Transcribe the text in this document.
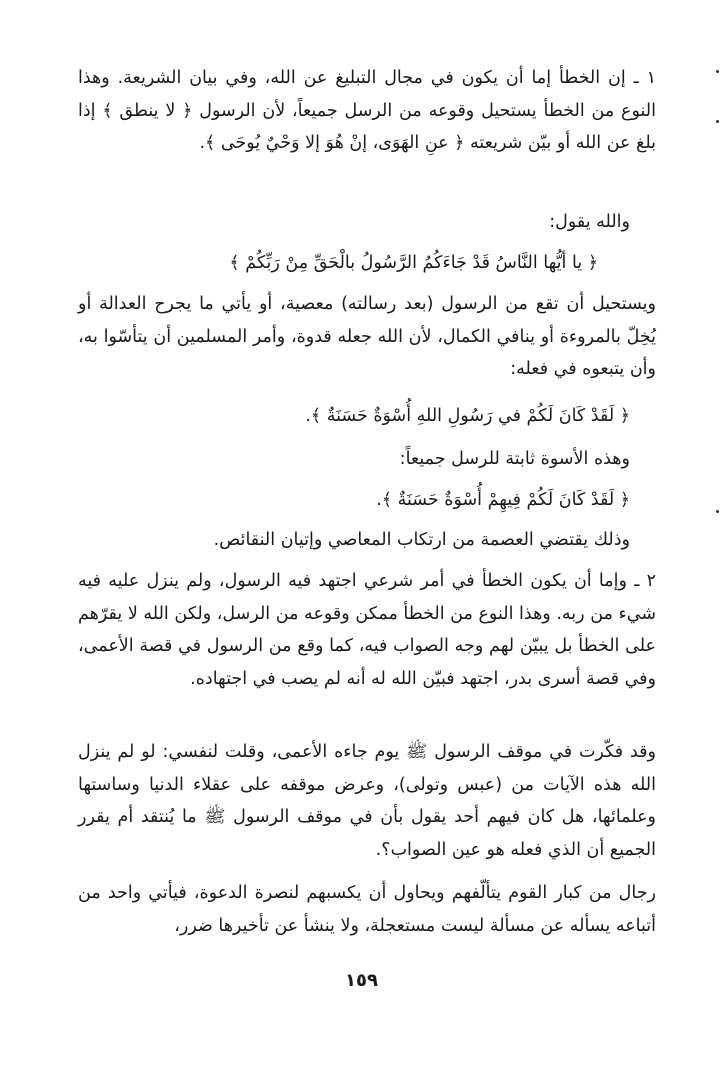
١ ـ إن الخطأ إما أن يكون في مجال التبليغ عن الله، وفي بيان الشريعة. وهذا النوع من الخطأ يستحيل وقوعه من الرسل جميعاً، لأن الرسول ﴿ لا ينطق ﴾ إذا بلغ عن الله أو بيّن شريعته ﴿ عنِ الهَوَى، إنْ هُوَ إلا وَحْيٌ يُوحَى ﴾.

والله يقول:

﴿ يا أيُّها النَّاسُ قَدْ جَاءَكُمُ الرَّسُولُ بالْحَقِّ مِنْ رَبِّكُمْ ﴾

ويستحيل أن تقع من الرسول (بعد رسالته) معصية، أو يأتي ما يجرح العدالة أو يُخِلّ بالمروءة أو ينافي الكمال، لأن الله جعله قدوة، وأمر المسلمين أن يتأسّوا به، وأن يتبعوه في فعله:

﴿ لَقَدْ كَانَ لَكُمْ في رَسُولِ اللهِ أُسْوَةٌ حَسَنَةٌ ﴾.

وهذه الأسوة ثابتة للرسل جميعاً:

﴿ لَقَدْ كَانَ لَكُمْ فِيهِمْ أُسْوَةٌ حَسَنَةٌ ﴾.

وذلك يقتضي العصمة من ارتكاب المعاصي وإتيان النقائص.

٢ ـ وإما أن يكون الخطأ في أمر شرعي اجتهد فيه الرسول، ولم ينزل عليه فيه شيء من ربه. وهذا النوع من الخطأ ممكن وقوعه من الرسل، ولكن الله لا يقرّهم على الخطأ بل يبيّن لهم وجه الصواب فيه، كما وقع من الرسول في قصة الأعمى، وفي قصة أسرى بدر، اجتهد فبيّن الله له أنه لم يصب في اجتهاده.

وقد فكّرت في موقف الرسول ﷺ يوم جاءه الأعمى، وقلت لنفسي: لو لم ينزل الله هذه الآيات من (عبس وتولى)، وعرض موقفه على عقلاء الدنيا وساستها وعلمائها، هل كان فيهم أحد يقول بأن في موقف الرسول ﷺ ما يُنتقد أم يقرر الجميع أن الذي فعله هو عين الصواب؟.

رجال من كبار القوم يتألّفهم ويحاول أن يكسبهم لنصرة الدعوة، فيأتي واحد من أتباعه يسأله عن مسألة ليست مستعجلة، ولا ينشأ عن تأخيرها ضرر،

١٥٩
